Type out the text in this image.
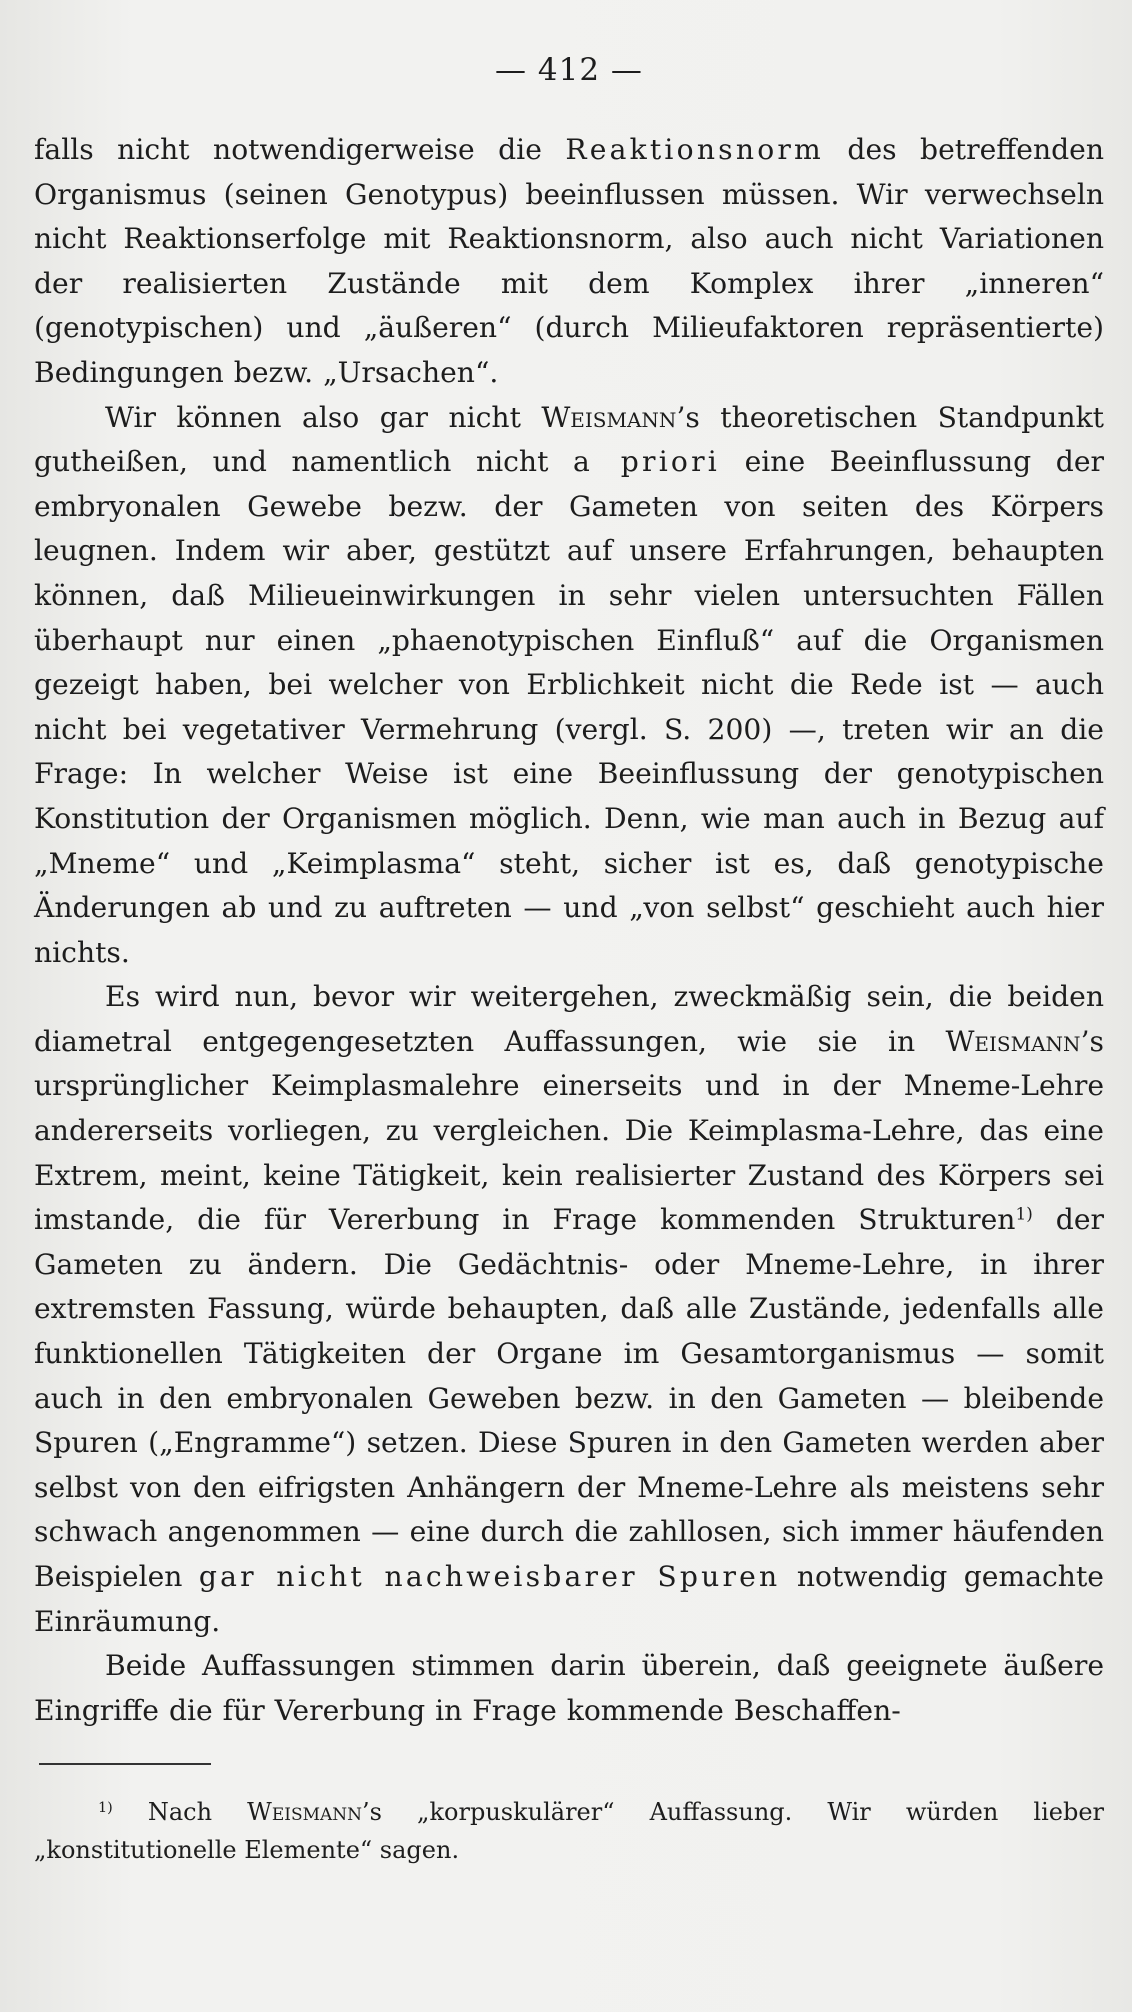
— 412 —

falls nicht notwendigerweise die Reaktionsnorm des betreffenden Organismus (seinen Genotypus) beeinflussen müssen. Wir verwechseln nicht Reaktionserfolge mit Reaktionsnorm, also auch nicht Variationen der realisierten Zustände mit dem Komplex ihrer „inneren“ (genotypischen) und „äußeren“ (durch Milieufaktoren repräsentierte) Bedingungen bezw. „Ursachen“.

Wir können also gar nicht Weismann’s theoretischen Standpunkt gutheißen, und namentlich nicht a priori eine Beeinflussung der embryonalen Gewebe bezw. der Gameten von seiten des Körpers leugnen. Indem wir aber, gestützt auf unsere Erfahrungen, behaupten können, daß Milieueinwirkungen in sehr vielen untersuchten Fällen überhaupt nur einen „phaenotypischen Einfluß“ auf die Organismen gezeigt haben, bei welcher von Erblichkeit nicht die Rede ist — auch nicht bei vegetativer Vermehrung (vergl. S. 200) —, treten wir an die Frage: In welcher Weise ist eine Beeinflussung der genotypischen Konstitution der Organismen möglich. Denn, wie man auch in Bezug auf „Mneme“ und „Keimplasma“ steht, sicher ist es, daß genotypische Änderungen ab und zu auftreten — und „von selbst“ geschieht auch hier nichts.

Es wird nun, bevor wir weitergehen, zweckmäßig sein, die beiden diametral entgegengesetzten Auffassungen, wie sie in Weismann’s ursprünglicher Keimplasmalehre einerseits und in der Mneme-Lehre andererseits vorliegen, zu vergleichen. Die Keimplasma-Lehre, das eine Extrem, meint, keine Tätigkeit, kein realisierter Zustand des Körpers sei imstande, die für Vererbung in Frage kommenden Strukturen$^{1)}$ der Gameten zu ändern. Die Gedächtnis- oder Mneme-Lehre, in ihrer extremsten Fassung, würde behaupten, daß alle Zustände, jedenfalls alle funktionellen Tätigkeiten der Organe im Gesamtorganismus — somit auch in den embryonalen Geweben bezw. in den Gameten — bleibende Spuren („Engramme“) setzen. Diese Spuren in den Gameten werden aber selbst von den eifrigsten Anhängern der Mneme-Lehre als meistens sehr schwach angenommen — eine durch die zahllosen, sich immer häufenden Beispielen gar nicht nachweisbarer Spuren notwendig gemachte Einräumung.

Beide Auffassungen stimmen darin überein, daß geeignete äußere Eingriffe die für Vererbung in Frage kommende Beschaffen-

$^{1)}$ Nach Weismann’s „korpuskulärer“ Auffassung. Wir würden lieber „konstitutionelle Elemente“ sagen.
